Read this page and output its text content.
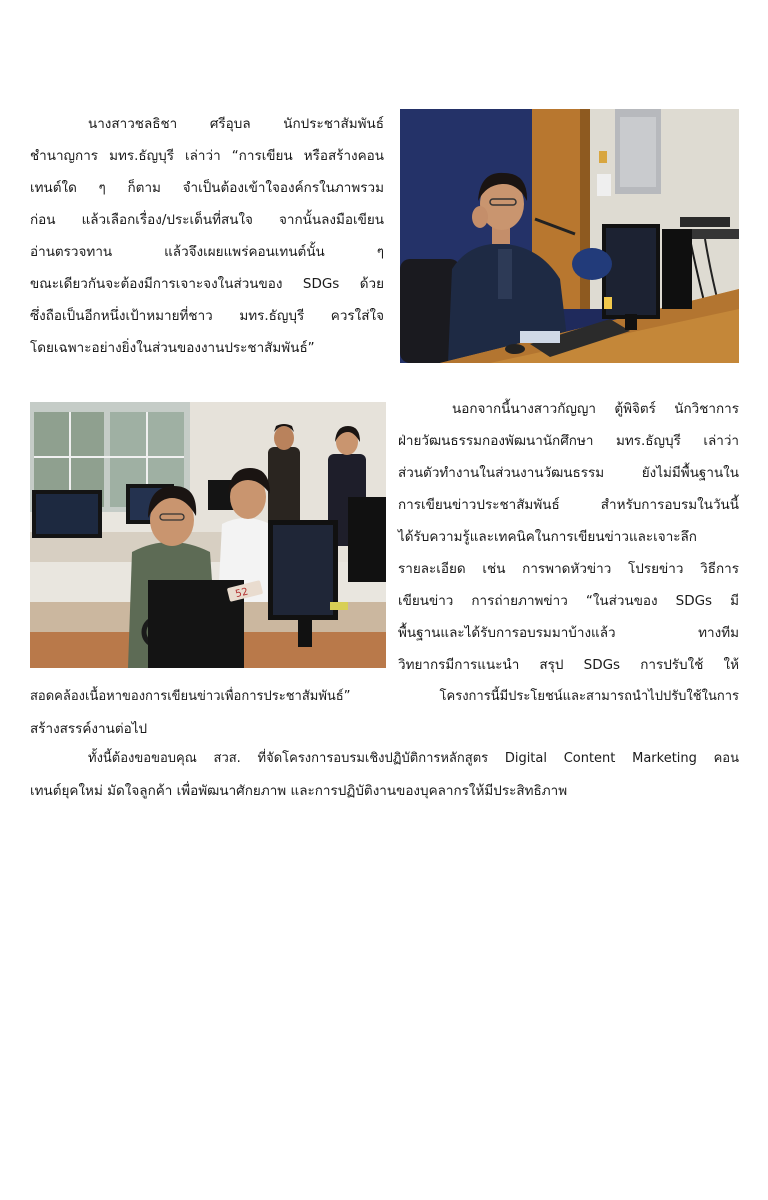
นางสาวชลธิชา ศรีอุบล นักประชาสัมพันธ์
ชำนาญการ มทร.ธัญบุรี เล่าว่า “การเขียน หรือสร้างคอน
เทนต์ใด ๆ ก็ตาม จำเป็นต้องเข้าใจองค์กรในภาพรวม
ก่อน แล้วเลือกเรื่อง/ประเด็นที่สนใจ จากนั้นลงมือเขียน
อ่านตรวจทาน แล้วจึงเผยแพร่คอนเทนต์นั้น ๆ
ขณะเดียวกันจะต้องมีการเจาะจงในส่วนของ SDGs ด้วย
ซึ่งถือเป็นอีกหนึ่งเป้าหมายที่ชาว มทร.ธัญบุรี ควรใส่ใจ
โดยเฉพาะอย่างยิ่งในส่วนของงานประชาสัมพันธ์”
52
นอกจากนี้นางสาวกัญญา ตู้พิจิตร์ นักวิชาการ
ฝ่ายวัฒนธรรมกองพัฒนานักศึกษา มทร.ธัญบุรี เล่าว่า
ส่วนตัวทำงานในส่วนงานวัฒนธรรม ยังไม่มีพื้นฐานใน
การเขียนข่าวประชาสัมพันธ์ สำหรับการอบรมในวันนี้
ได้รับความรู้และเทคนิคในการเขียนข่าวและเจาะลึก
รายละเอียด เช่น การพาดหัวข่าว โปรยข่าว วิธีการ
เขียนข่าว การถ่ายภาพข่าว “ในส่วนของ SDGs มี
พื้นฐานและได้รับการอบรมมาบ้างแล้ว ทางทีม
วิทยากรมีการแนะนำ สรุป SDGs การปรับใช้ ให้
สอดคล้องเนื้อหาของการเขียนข่าวเพื่อการประชาสัมพันธ์” โครงการนี้มีประโยชน์และสามารถนำไปปรับใช้ในการ
สร้างสรรค์งานต่อไป
ทั้งนี้ต้องขอขอบคุณ สวส. ที่จัดโครงการอบรมเชิงปฏิบัติการหลักสูตร Digital Content Marketing คอน
เทนต์ยุคใหม่ มัดใจลูกค้า เพื่อพัฒนาศักยภาพ และการปฏิบัติงานของบุคลากรให้มีประสิทธิภาพ
